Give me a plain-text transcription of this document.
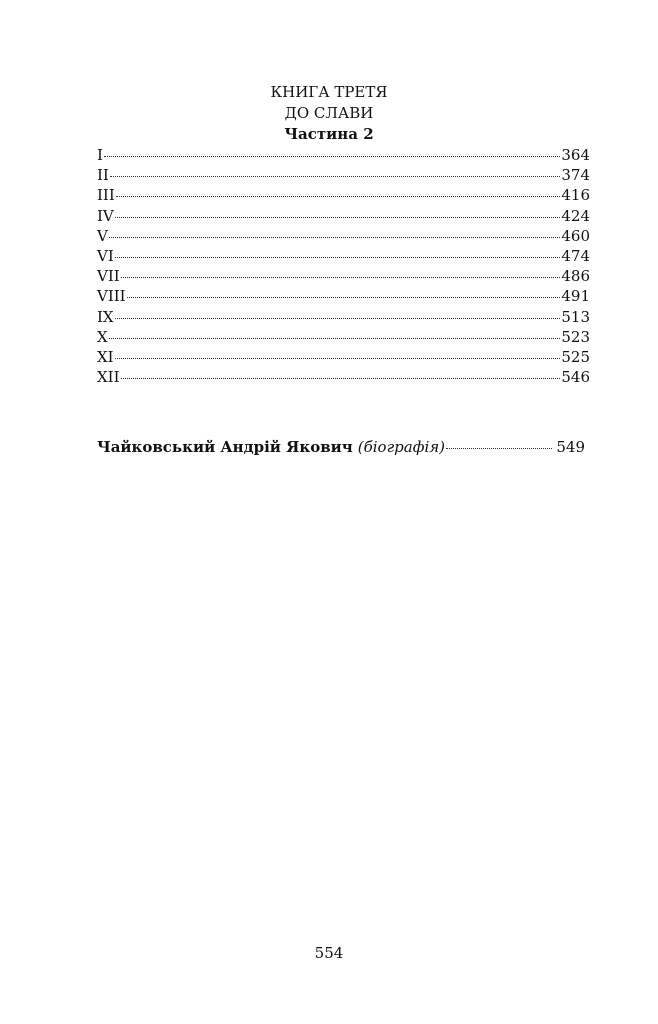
КНИГА ТРЕТЯ
ДО СЛАВИ
Частина 2
I	364
II	374
III	416
IV	424
V	460
VI	474
VII	486
VIII	491
IX	513
X	523
XI	525
XII	546
Чайковський Андрій Якович (біографія)	549
554
